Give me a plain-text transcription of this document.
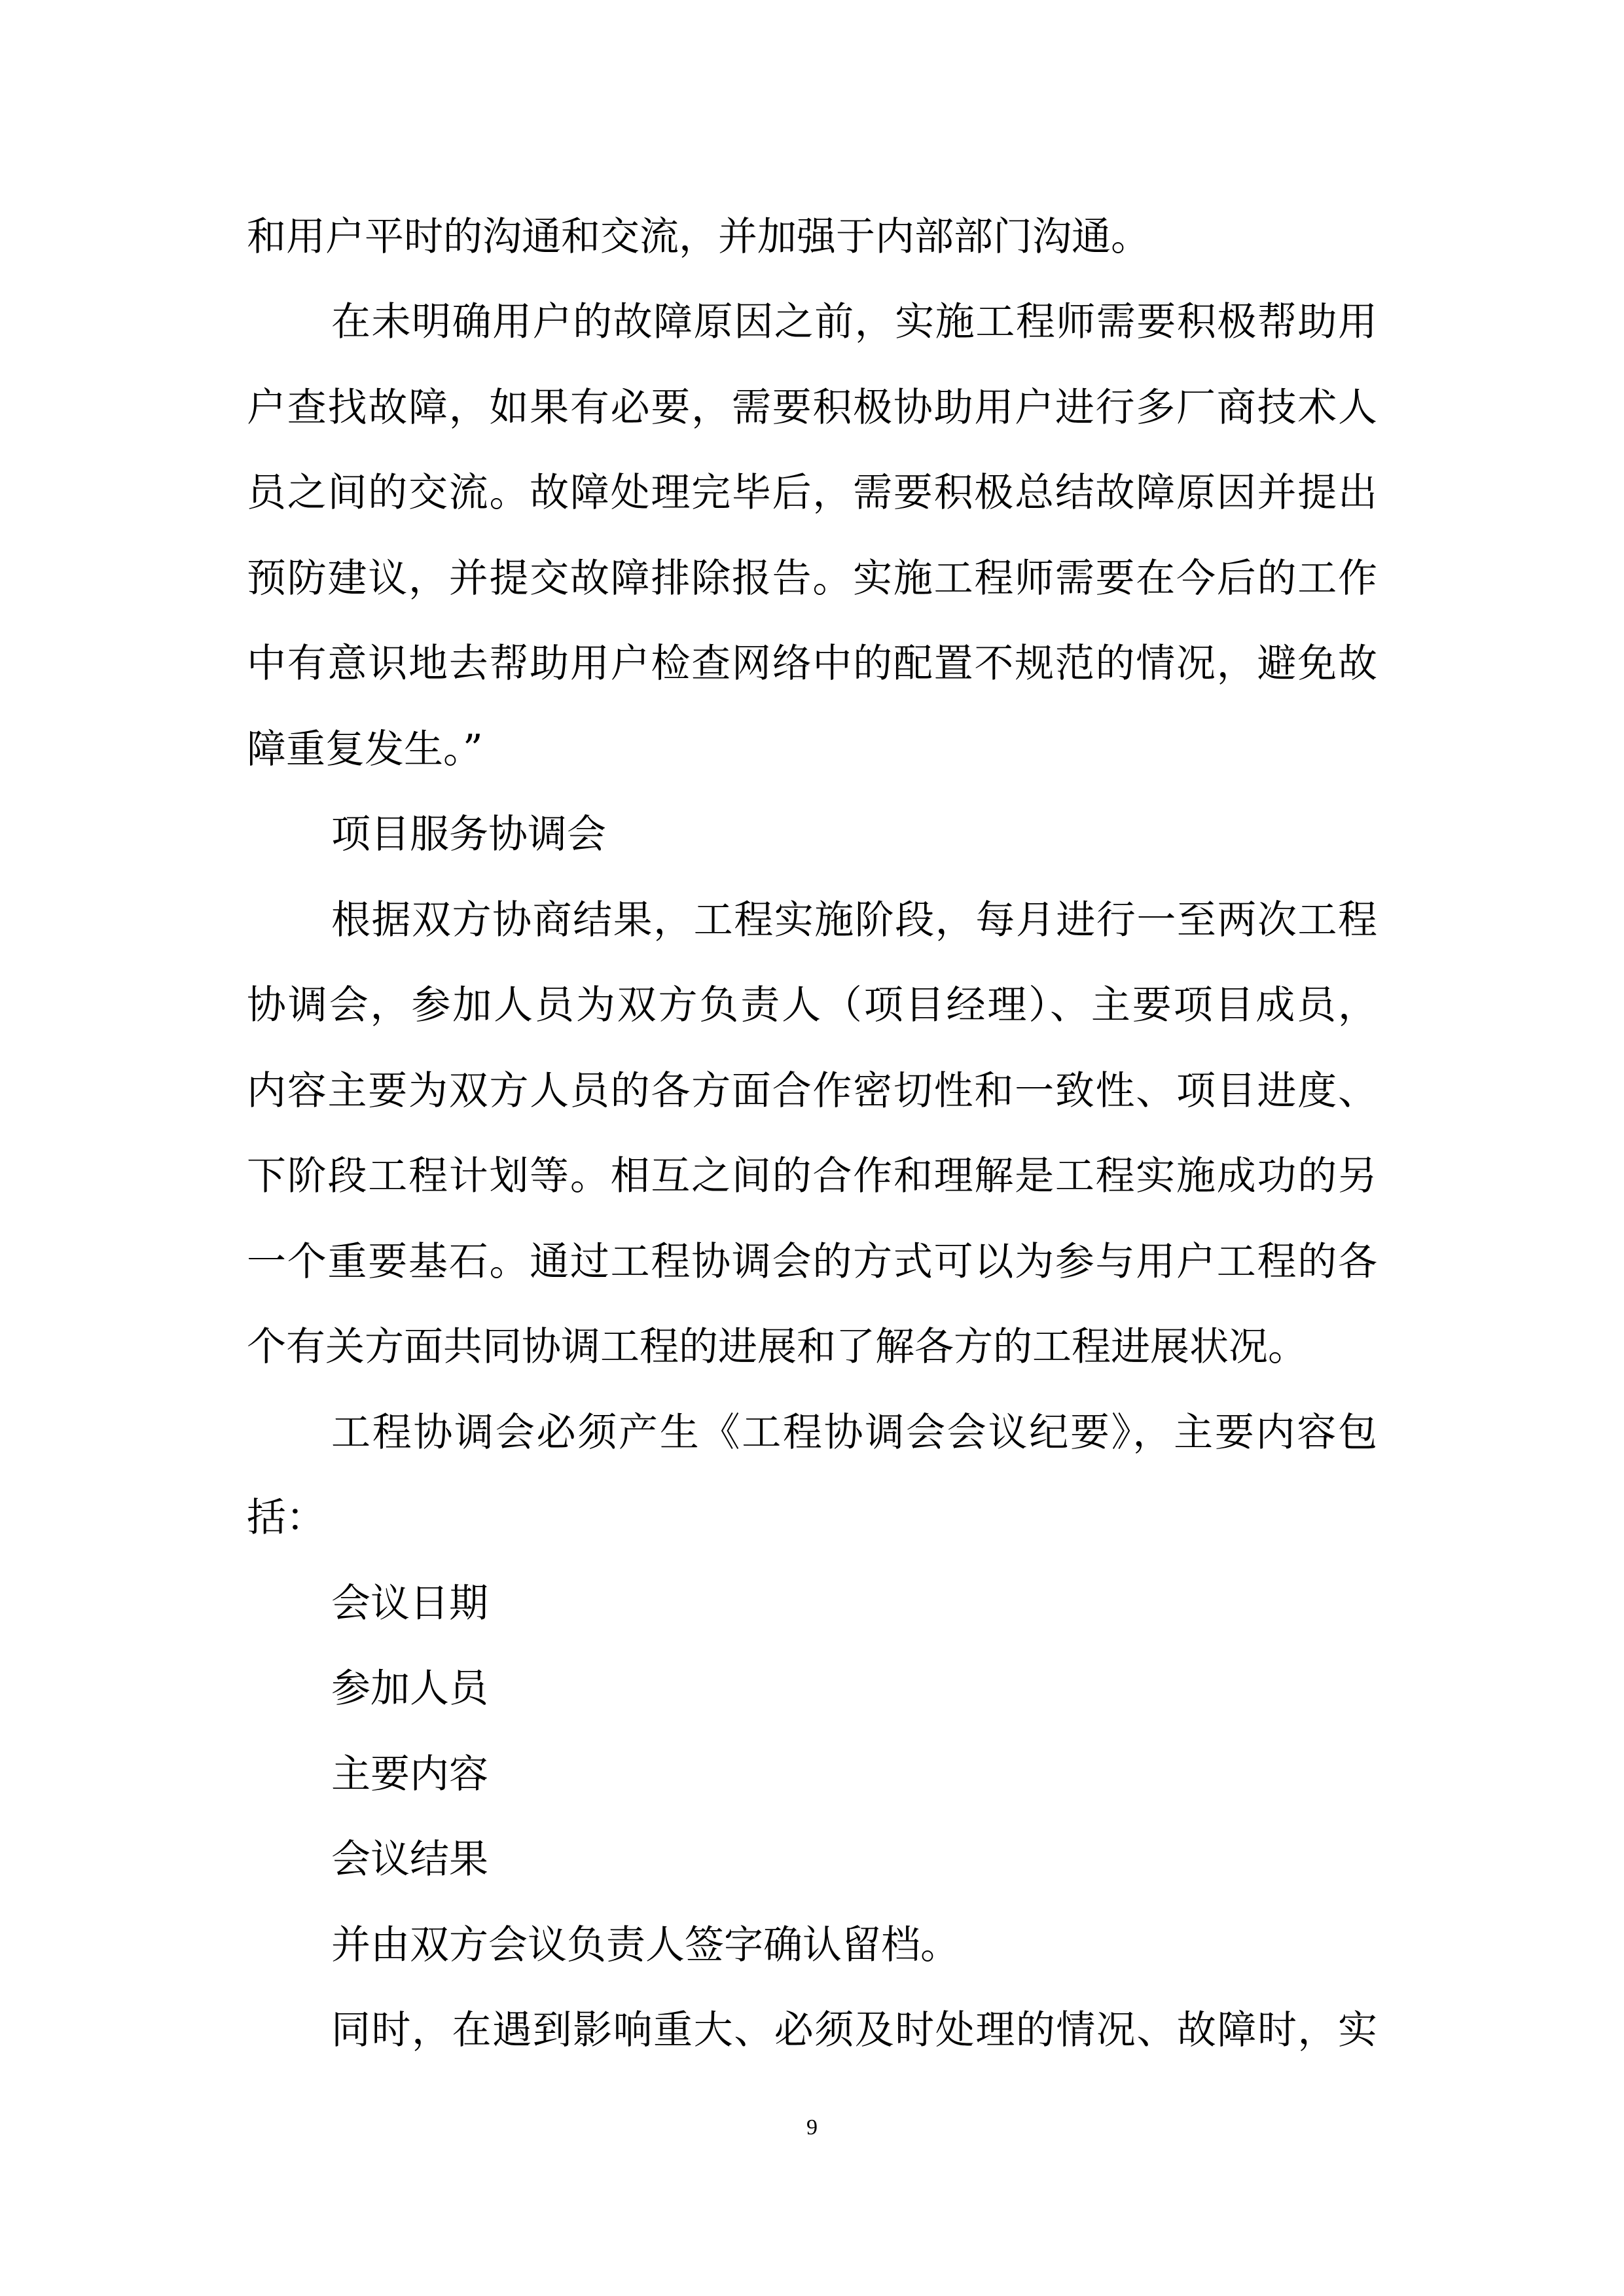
和用户平时的沟通和交流，并加强于内部部门沟通。

在未明确用户的故障原因之前，实施工程师需要积极帮助用

户查找故障，如果有必要，需要积极协助用户进行多厂商技术人

员之间的交流。故障处理完毕后，需要积极总结故障原因并提出

预防建议，并提交故障排除报告。实施工程师需要在今后的工作

中有意识地去帮助用户检查网络中的配置不规范的情况，避免故

障重复发生。”

项目服务协调会

根据双方协商结果，工程实施阶段，每月进行一至两次工程

协调会，参加人员为双方负责人（项目经理）、主要项目成员，

内容主要为双方人员的各方面合作密切性和一致性、项目进度、

下阶段工程计划等。相互之间的合作和理解是工程实施成功的另

一个重要基石。通过工程协调会的方式可以为参与用户工程的各

个有关方面共同协调工程的进展和了解各方的工程进展状况。

工程协调会必须产生《工程协调会会议纪要》，主要内容包

括：

会议日期

参加人员

主要内容

会议结果

并由双方会议负责人签字确认留档。

同时，在遇到影响重大、必须及时处理的情况、故障时，实

9
